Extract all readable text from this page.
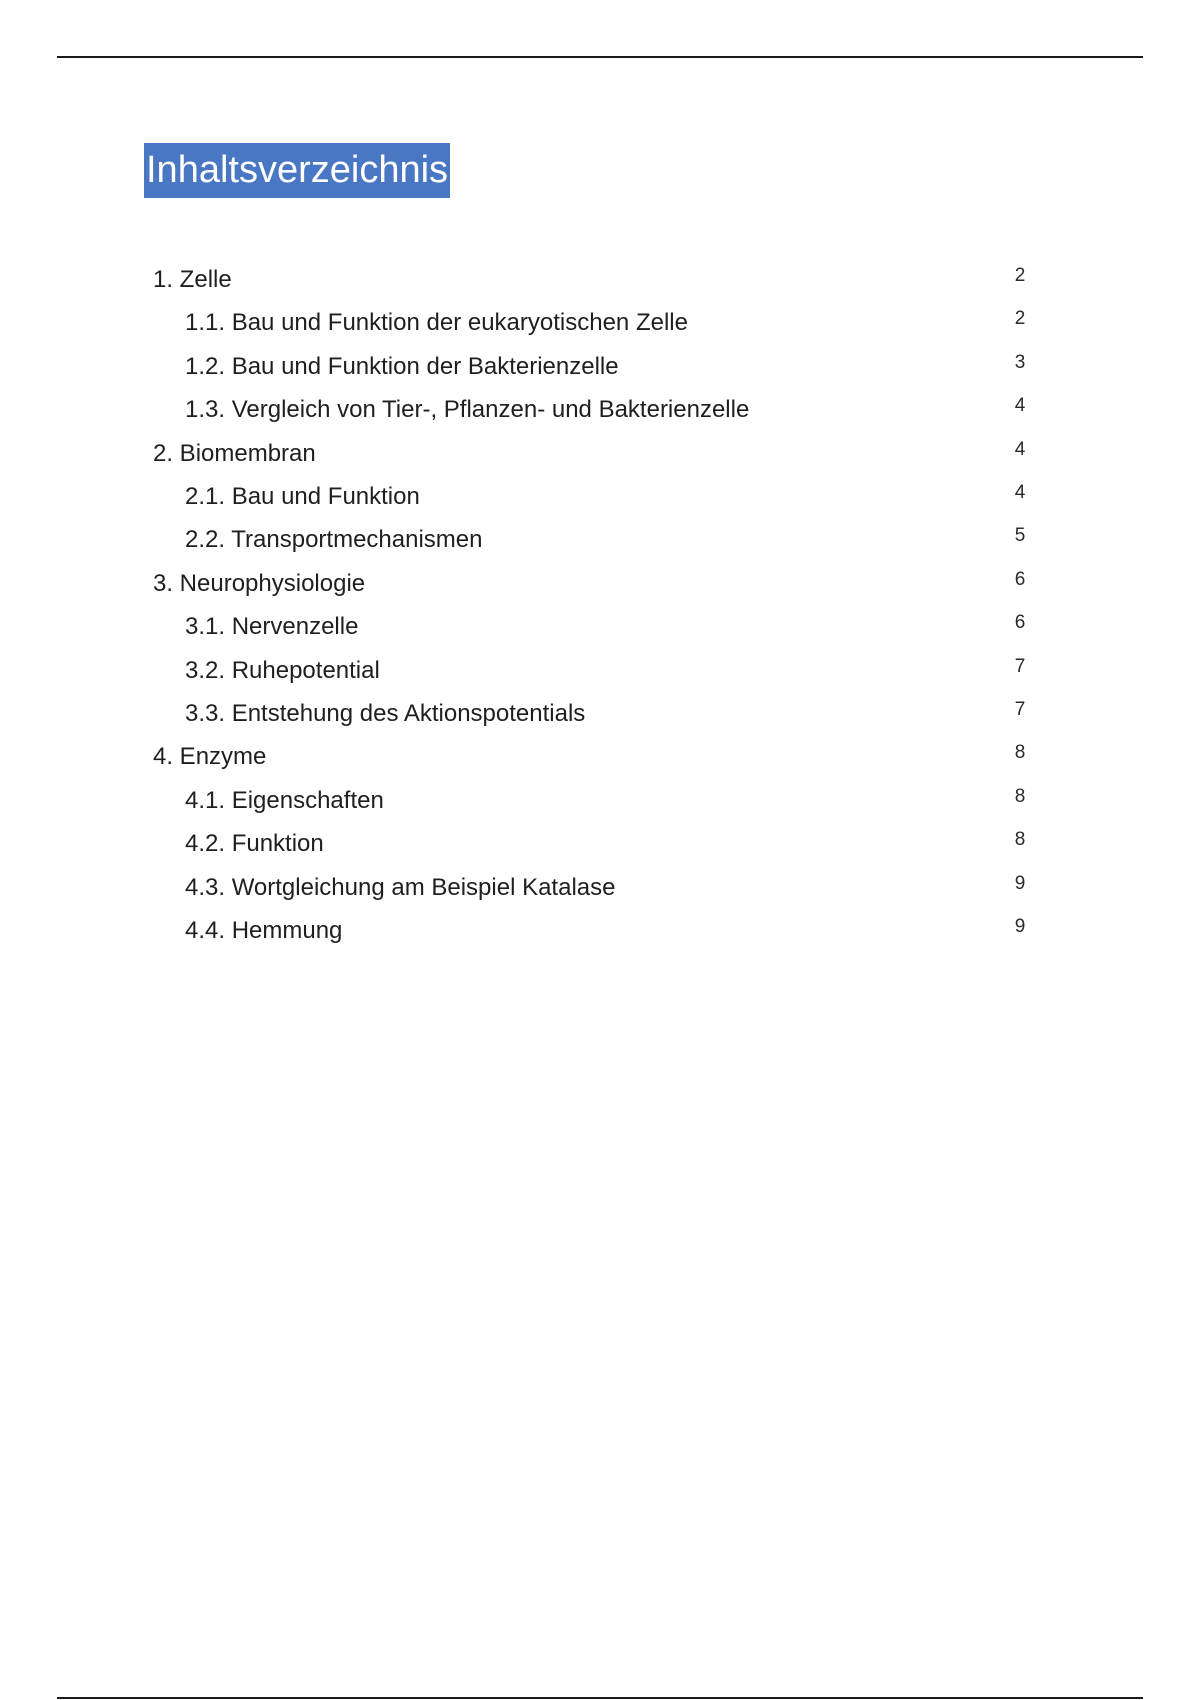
Inhaltsverzeichnis
1. Zelle	2
1.1. Bau und Funktion der eukaryotischen Zelle	2
1.2. Bau und Funktion der Bakterienzelle	3
1.3. Vergleich von Tier-, Pflanzen- und Bakterienzelle	4
2. Biomembran	4
2.1. Bau und Funktion	4
2.2. Transportmechanismen	5
3. Neurophysiologie	6
3.1. Nervenzelle	6
3.2. Ruhepotential	7
3.3. Entstehung des Aktionspotentials	7
4. Enzyme	8
4.1. Eigenschaften	8
4.2. Funktion	8
4.3. Wortgleichung am Beispiel Katalase	9
4.4. Hemmung	9
